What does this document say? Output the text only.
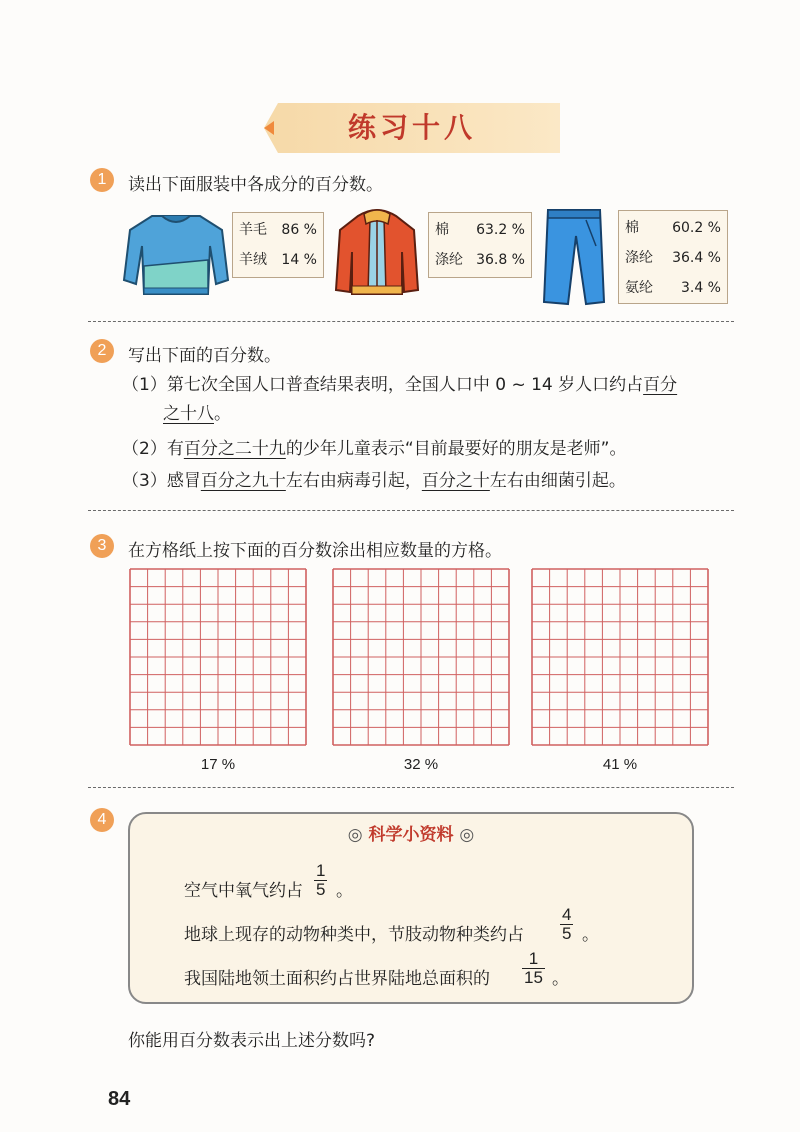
练习十八
1	读出下面服装中各成分的百分数。
羊毛 86 %
羊绒 14 %
棉 63.2 %
涤纶 36.8 %
棉 60.2 %
涤纶 36.4 %
氨纶 3.4 %
2	写出下面的百分数。
（1）第七次全国人口普查结果表明，全国人口中 0 ~ 14 岁人口约占百分
之十八。
（2）有百分之二十九的少年儿童表示“目前最要好的朋友是老师”。
（3）感冒百分之九十左右由病毒引起，百分之十左右由细菌引起。
3	在方格纸上按下面的百分数涂出相应数量的方格。
17 %	32 %	41 %
4
◎ 科学小资料 ◎
空气中氧气约占 $\frac{1}{5}$ 。
地球上现存的动物种类中，节肢动物种类约占 $\frac{4}{5}$ 。
我国陆地领土面积约占世界陆地总面积的 $\frac{1}{15}$ 。
你能用百分数表示出上述分数吗?
84
